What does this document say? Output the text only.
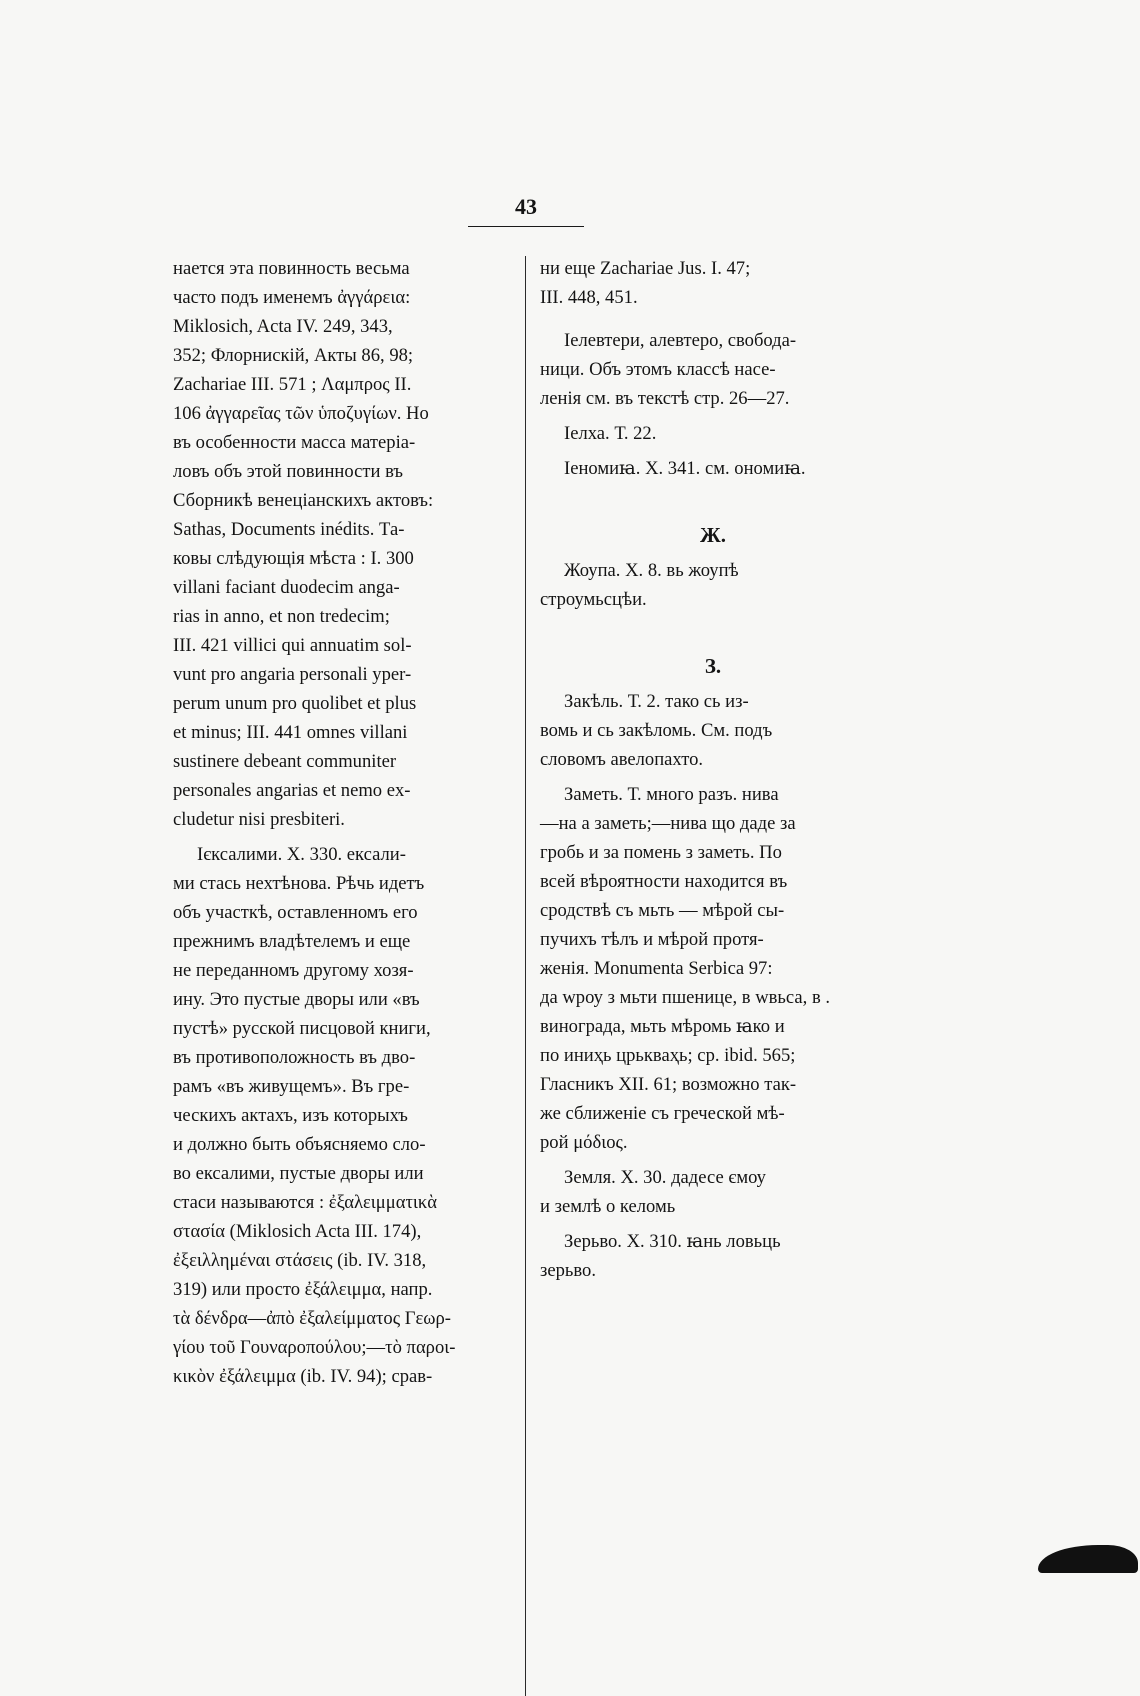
43

нается эта повинность весьма
часто подъ именемъ ἀγγάρεια:
Miklosich, Acta IV. 249, 343,
352; Флорнискій, Акты 86, 98;
Zachariae III. 571 ; Λαμπρος II.
106 ἀγγαρεῖας τῶν ὑποζυγίων. Но
въ особенности масса матеріа-
ловъ объ этой повинности въ
Сборникѣ венеціанскихъ актовъ:
Sathas, Documents inédits. Та-
ковы слѣдующія мѣста : I. 300
villani faciant duodecim anga-
rias in anno, et non tredecim;
III. 421 villici qui annuatim sol-
vunt pro angaria personali yper-
perum unum pro quolibet et plus
et minus; III. 441 omnes villani
sustinere debeant communiter
personales angarias et nemo ex-
cludetur nisi presbiteri.

Ієксалими. X. 330. ексали-
ми стась нехтѣнова. Рѣчь идетъ
объ участкѣ, оставленномъ его
прежнимъ владѣтелемъ и еще
не переданномъ другому хозя-
ину. Это пустые дворы или «въ
пустѣ» русской писцовой книги,
въ противоположность въ дво-
рамъ «въ живущемъ». Въ гре-
ческихъ актахъ, изъ которыхъ
и должно быть объясняемо сло-
во ексалими, пустые дворы или
стаси называются : ἐξαλειμματικὰ
στασία (Miklosich Acta III. 174),
ἐξειλλημέναι στάσεις (ib. IV. 318,
319) или просто ἐξάλειμμα, напр.
τὰ δένδρα—ἀπὸ ἐξαλείμματος Γεωρ-
γίου τοῦ Γουναροπούλου;—τὸ παροι-
κικὸν ἐξάλειμμα (ib. IV. 94); срав-

ни еще Zachariae Jus. I. 47;
III. 448, 451.

Іелевтери, алевтеро, свобода-
ници. Объ этомъ классѣ насе-
ленія см. въ текстѣ стр. 26—27.

Іелха. Т. 22.

Іеномиꙗ. X. 341. см. ономиꙗ.

Ж.

Жоупа. X. 8. вь жоупѣ
строумьсцѣи.

З.

Закѣль. Т. 2. тако сь из-
вомь и сь закѣломь. См. подъ
словомъ авелопахто.

Заметь. Т. много разъ. нива
—на а заметь;—нива що даде за
гробь и за помень з заметь. По
всей вѣроятности находится въ
сродствѣ съ мьть — мѣрой сы-
пучихъ тѣлъ и мѣрой протя-
женія. Monumenta Serbica 97:
да wроу з мьти пшенице, в wвьса, в .
винограда, мьть мѣромь ꙗко и
по иниҳь црькваҳь; ср. ibid. 565;
Гласникъ XII. 61; возможно так-
же сближеніе съ греческой мѣ-
рой μόδιος.

Земля. X. 30. дадесе ємоу
и землѣ о келомь

Зерьво. X. 310. ꙗнь ловьць
зерьво.
